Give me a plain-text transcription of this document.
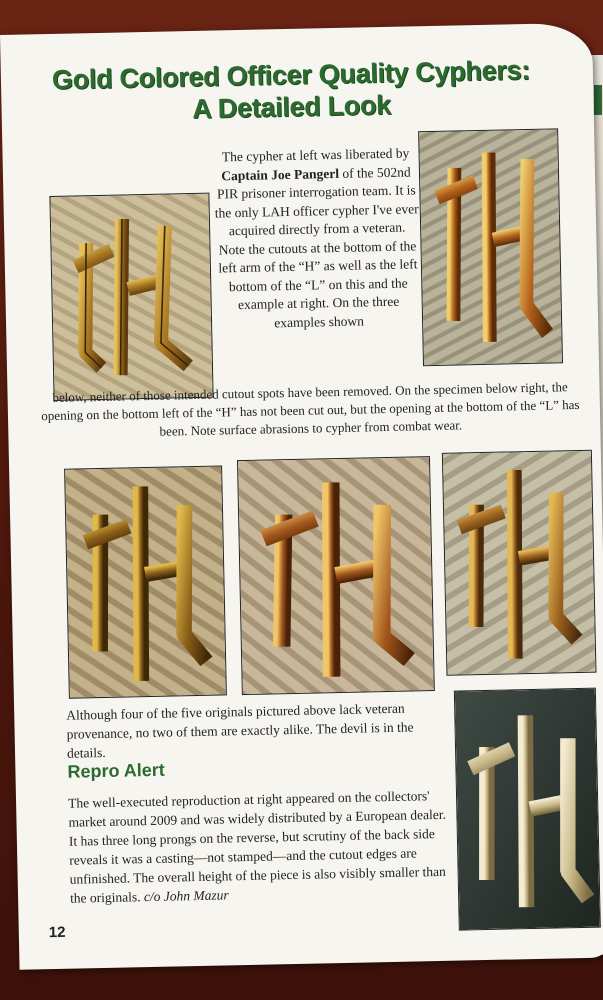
Gold Colored Officer Quality Cyphers:
A Detailed Look

The cypher at left was liberated by Captain Joe Pangerl of the 502nd PIR prisoner interrogation team. It is the only LAH officer cypher I've ever acquired directly from a veteran. Note the cutouts at the bottom of the left arm of the “H” as well as the left bottom of the “L” on this and the example at right. On the three examples shown

below, neither of those intended cutout spots have been removed. On the specimen below right, the opening on the bottom left of the “H” has not been cut out, but the opening at the bottom of the “L” has been. Note surface abrasions to cypher from combat wear.

Although four of the five originals pictured above lack veteran provenance, no two of them are exactly alike. The devil is in the details.

Repro Alert

The well-executed reproduction at right appeared on the collectors' market around 2009 and was widely distributed by a European dealer. It has three long prongs on the reverse, but scrutiny of the back side reveals it was a casting—not stamped—and the cutout edges are unfinished. The overall height of the piece is also visibly smaller than the originals. c/o John Mazur

12
